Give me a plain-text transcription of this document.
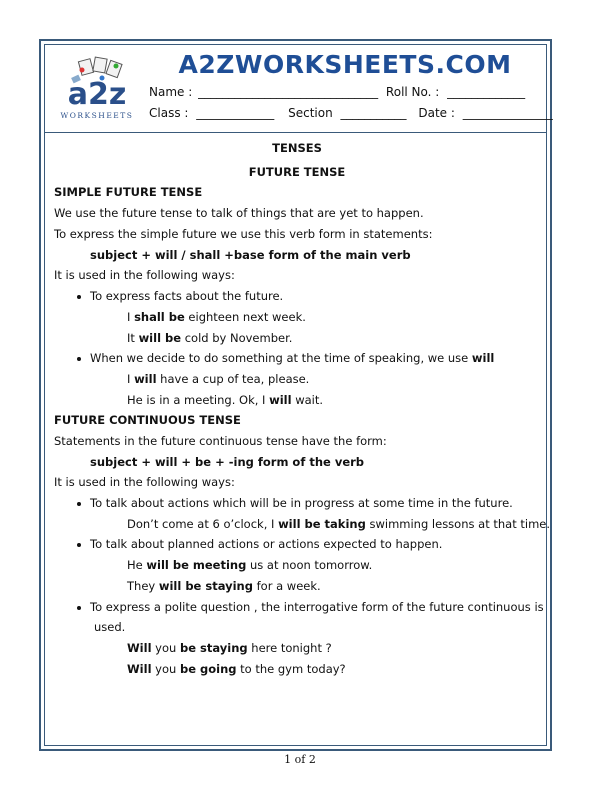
a2z
WORKSHEETS
A2ZWORKSHEETS.COM
Name : ______________________________ Roll No. : _____________
Class : _____________ Section ___________ Date : _______________
TENSES
FUTURE TENSE
SIMPLE FUTURE TENSE
We use the future tense to talk of things that are yet to happen.
To express the simple future we use this verb form in statements:
subject + will / shall +base form of the main verb
It is used in the following ways:
To express facts about the future.
I shall be eighteen next week.
It will be cold by November.
When we decide to do something at the time of speaking, we use will
I will have a cup of tea, please.
He is in a meeting. Ok, I will wait.
FUTURE CONTINUOUS TENSE
Statements in the future continuous tense have the form:
subject + will + be + -ing form of the verb
It is used in the following ways:
To talk about actions which will be in progress at some time in the future.
Don’t come at 6 o’clock, I will be taking swimming lessons at that time.
To talk about planned actions or actions expected to happen.
He will be meeting us at noon tomorrow.
They will be staying for a week.
To express a polite question , the interrogative form of the future continuous is
used.
Will you be staying here tonight ?
Will you be going to the gym today?
1 of 2
